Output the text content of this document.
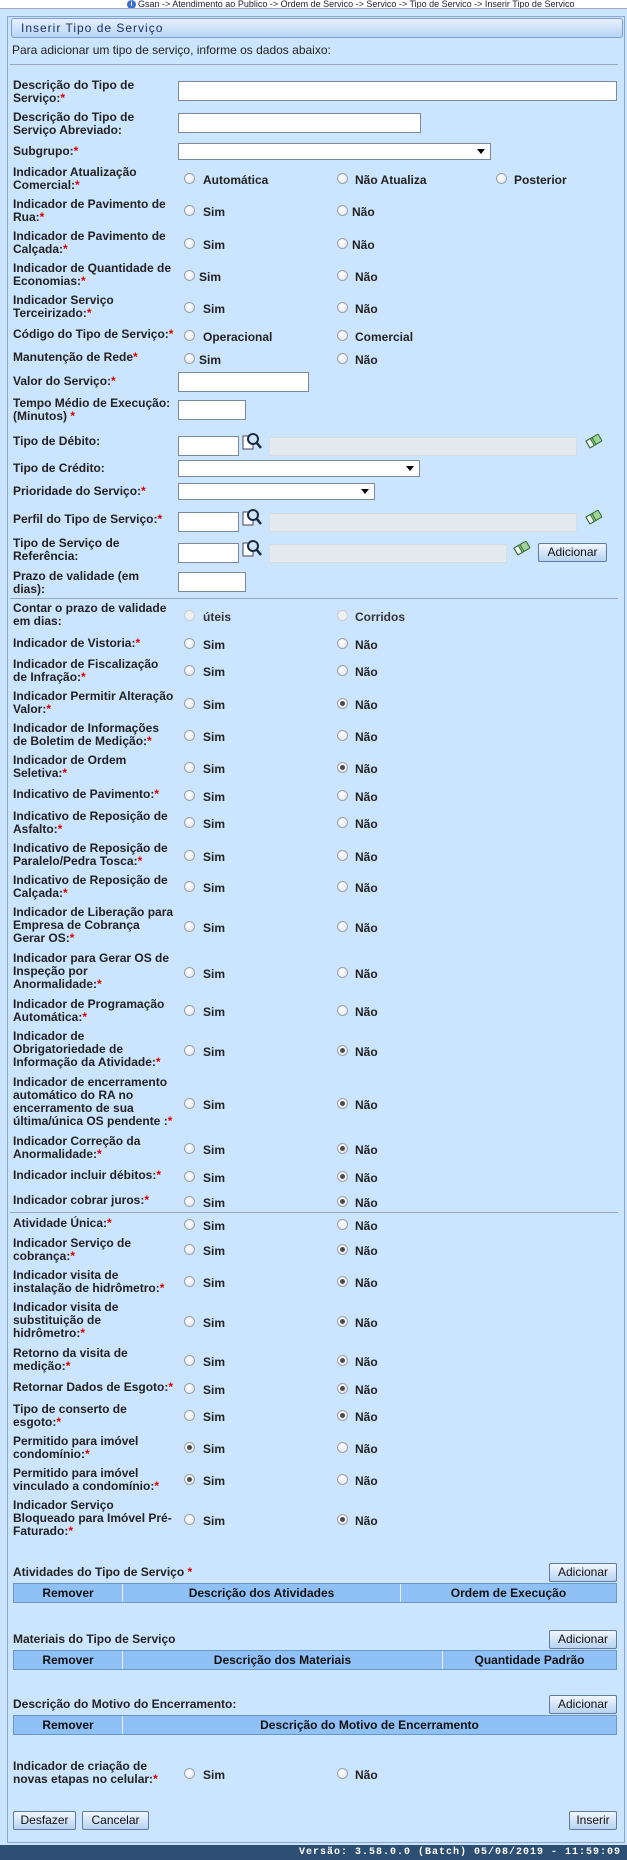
i Gsan -> Atendimento ao Publico -> Ordem de Servico -> Servico -> Tipo de Servico -> Inserir Tipo de Servico
Inserir Tipo de Serviço
Para adicionar um tipo de serviço, informe os dados abaixo:
Descrição do Tipo de
Serviço:*
Descrição do Tipo de
Serviço Abreviado:
Subgrupo:*
Indicador Atualização
Comercial:*	Automática	Não Atualiza	Posterior
Indicador de Pavimento de
Rua:*	Sim	Não
Indicador de Pavimento de
Calçada:*	Sim	Não
Indicador de Quantidade de
Economias:*	Sim	Não
Indicador Serviço
Terceirizado:*	Sim	Não
Código do Tipo de Serviço:* Operacional	Comercial
Manutenção de Rede*	Sim	Não
Valor do Serviço:*
Tempo Médio de Execução:
(Minutos) *
Tipo de Débito:
Tipo de Crédito:
Prioridade do Serviço:*
Perfil do Tipo de Serviço:*
Tipo de Serviço de
Referência:	Adicionar
Prazo de validade (em
dias):
Contar o prazo de validade
em dias:	úteis	Corridos
Indicador de Vistoria:*	Sim	Não
Indicador de Fiscalização
de Infração:*	Sim	Não
Indicador Permitir Alteração
Valor:*	Sim	Não
Indicador de Informações
de Boletim de Medição:*	Sim	Não
Indicador de Ordem
Seletiva:*	Sim	Não
Indicativo de Pavimento:*	Sim	Não
Indicativo de Reposição de
Asfalto:*	Sim	Não
Indicativo de Reposição de
Paralelo/Pedra Tosca:*	Sim	Não
Indicativo de Reposição de
Calçada:*	Sim	Não
Indicador de Liberação para
Empresa de Cobrança
Gerar OS:*
Sim	Não
Indicador para Gerar OS de
Inspeção por
Anormalidade:*
Sim	Não
Indicador de Programação
Automática:*	Sim	Não
Indicador de
Obrigatoriedade de
Informação da Atividade:*
Sim	Não
Indicador de encerramento
automático do RA no
encerramento de sua
última/única OS pendente :*
Sim	Não
Indicador Correção da
Anormalidade:*	Sim	Não
Indicador incluir débitos:*	Sim	Não
Indicador cobrar juros:*	Sim	Não
Atividade Única:*	Sim	Não
Indicador Serviço de
cobrança:*	Sim	Não
Indicador visita de
instalação de hidrômetro:*	Sim	Não
Indicador visita de
substituição de
hidrômetro:*
Sim	Não
Retorno da visita de
medição:*	Sim	Não
Retornar Dados de Esgoto:* Sim	Não
Tipo de conserto de
esgoto:*	Sim	Não
Permitido para imóvel
condomínio:*	Sim	Não
Permitido para imóvel
vinculado a condomínio:*	Sim	Não
Indicador Serviço
Bloqueado para Imóvel Pré-
Faturado:*
Sim	Não
Atividades do Tipo de Serviço *	Adicionar
Remover	Descrição dos Atividades	Ordem de Execução
Materiais do Tipo de Serviço	Adicionar
Remover	Descrição dos Materiais	Quantidade Padrão
Descrição do Motivo do Encerramento:	Adicionar
Remover	Descrição do Motivo de Encerramento
Indicador de criação de
novas etapas no celular:*	Sim	Não
Desfazer	Cancelar	Inserir
Versão: 3.58.0.0 (Batch) 05/08/2019 - 11:59:09
